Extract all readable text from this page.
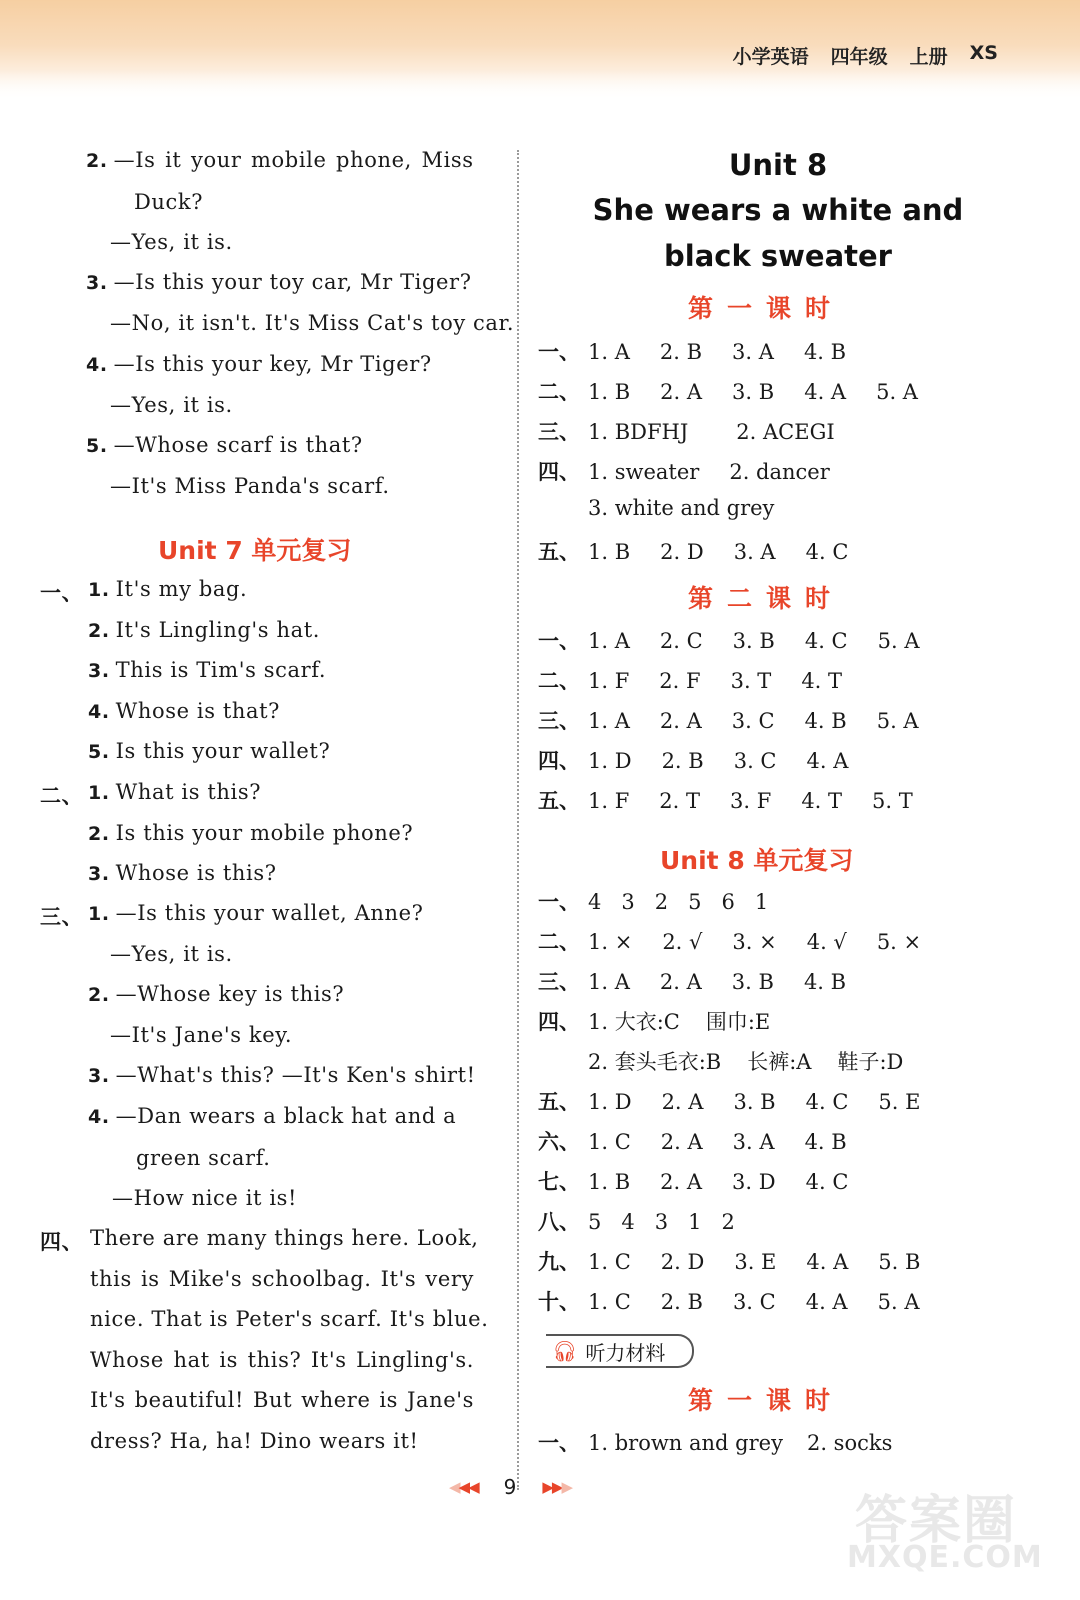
小学英语 四年级 上册 XS
2. —Is it your mobile phone, Miss
Duck?
—Yes, it is.
3. —Is this your toy car, Mr Tiger?
—No, it isn't. It's Miss Cat's toy car.
4. —Is this your key, Mr Tiger?
—Yes, it is.
5. —Whose scarf is that?
—It's Miss Panda's scarf.
Unit 7 单元复习
一、 1. It's my bag.
2. It's Lingling's hat.
3. This is Tim's scarf.
4. Whose is that?
5. Is this your wallet?
二、 1. What is this?
2. Is this your mobile phone?
3. Whose is this?
三、 1. —Is this your wallet, Anne?
—Yes, it is.
2. —Whose key is this?
—It's Jane's key.
3. —What's this? —It's Ken's shirt!
4. —Dan wears a black hat and a
green scarf.
—How nice it is!
四、 There are many things here. Look,
this is Mike's schoolbag. It's very
nice. That is Peter's scarf. It's blue.
Whose hat is this? It's Lingling's.
It's beautiful! But where is Jane's
dress? Ha, ha! Dino wears it!
Unit 8
She wears a white and
black sweater
🎧︎ 听力材料
第一课时
一、 1. A 2. B 3. A 4. B
二、 1. B 2. A 3. B 4. A 5. A
三、 1. BDFHJ 2. ACEGI
四、 1. sweater 2. dancer
3. white and grey
五、 1. B 2. D 3. A 4. C
第二课时
一、 1. A 2. C 3. B 4. C 5. A
二、 1. F 2. F 3. T 4. T
三、 1. A 2. A 3. C 4. B 5. A
四、 1. D 2. B 3. C 4. A
五、 1. F 2. T 3. F 4. T 5. T
Unit 8 单元复习
一、 4 3 2 5 6 1
二、 1. × 2. √ 3. × 4. √ 5. ×
三、 1. A 2. A 3. B 4. B
四、 1. 大衣:C 围巾:E
2. 套头毛衣:B 长裤:A 鞋子:D
五、 1. D 2. A 3. B 4. C 5. E
六、 1. C 2. A 3. A 4. B
七、 1. B 2. A 3. D 4. C
八、 5 4 3 1 2
九、 1. C 2. D 3. E 4. A 5. B
十、 1. C 2. B 3. C 4. A 5. A
第一课时
一、 1. brown and grey 2. socks
◀◀◀ 9 ▶▶▶
答案圈
MXQE.COM
